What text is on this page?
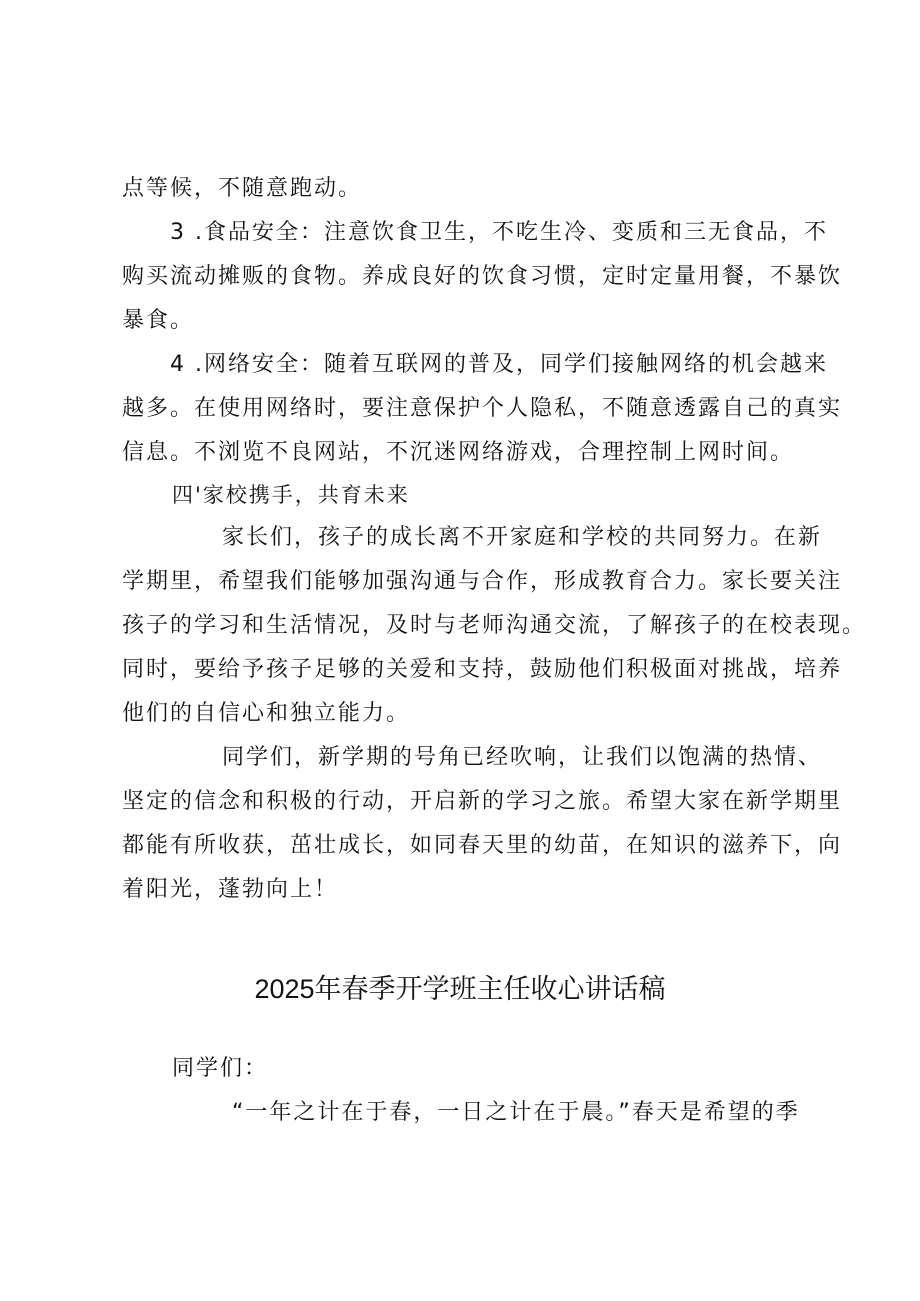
点等候，不随意跑动。
3 .食品安全：注意饮食卫生，不吃生冷、变质和三无食品，不
购买流动摊贩的食物。养成良好的饮食习惯，定时定量用餐，不暴饮
暴食。
4 .网络安全：随着互联网的普及，同学们接触网络的机会越来
越多。在使用网络时，要注意保护个人隐私，不随意透露自己的真实
信息。不浏览不良网站，不沉迷网络游戏，合理控制上网时间。
四'家校携手，共育未来
家长们，孩子的成长离不开家庭和学校的共同努力。在新
学期里，希望我们能够加强沟通与合作，形成教育合力。家长要关注
孩子的学习和生活情况，及时与老师沟通交流，了解孩子的在校表现。
同时，要给予孩子足够的关爱和支持，鼓励他们积极面对挑战，培养
他们的自信心和独立能力。
同学们，新学期的号角已经吹响，让我们以饱满的热情、
坚定的信念和积极的行动，开启新的学习之旅。希望大家在新学期里
都能有所收获，茁壮成长，如同春天里的幼苗，在知识的滋养下，向
着阳光，蓬勃向上！
2025年春季开学班主任收心讲话稿
同学们：
“一年之计在于春，一日之计在于晨。”春天是希望的季
